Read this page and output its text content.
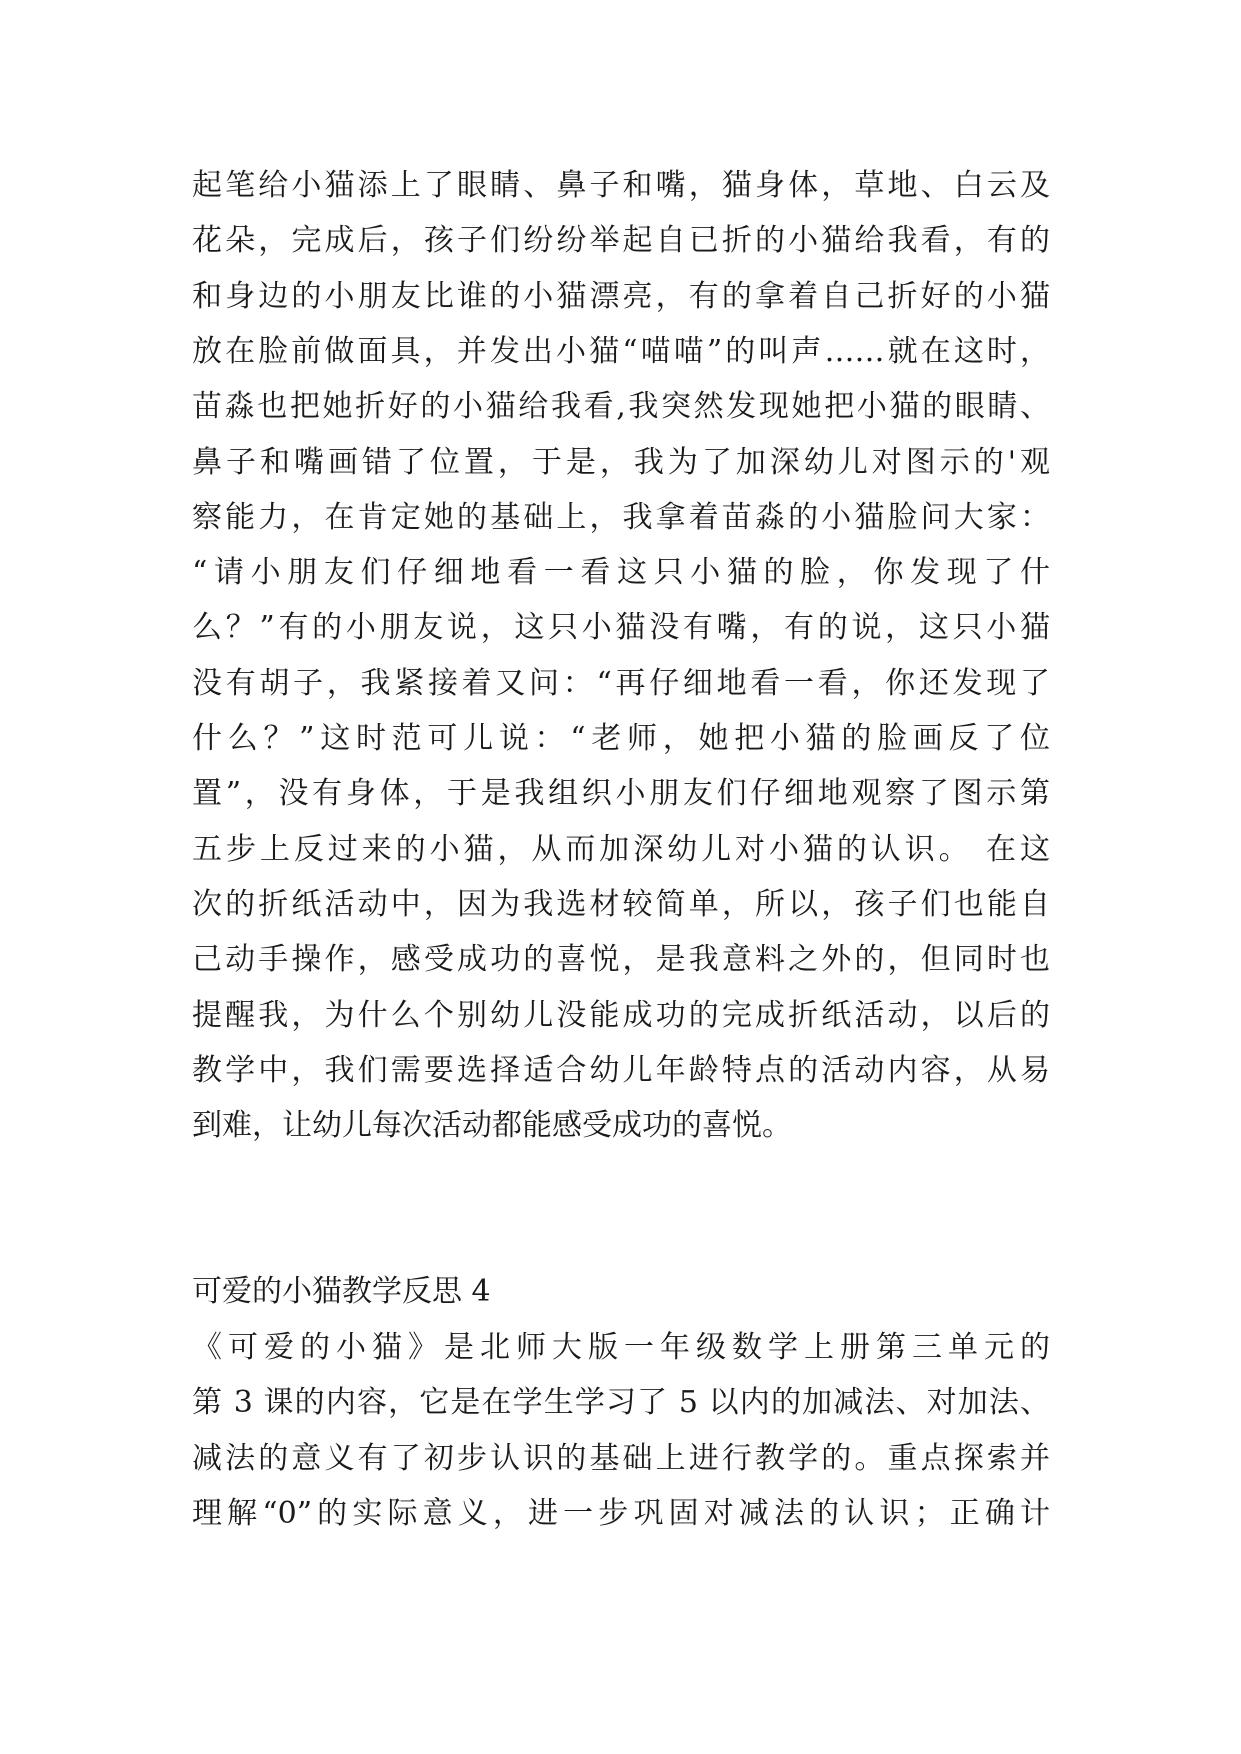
起笔给小猫添上了眼睛、鼻子和嘴，猫身体，草地、白云及
花朵，完成后，孩子们纷纷举起自已折的小猫给我看，有的
和身边的小朋友比谁的小猫漂亮，有的拿着自己折好的小猫
放在脸前做面具，并发出小猫“喵喵”的叫声……就在这时，
苗淼也把她折好的小猫给我看,我突然发现她把小猫的眼睛、
鼻子和嘴画错了位置，于是，我为了加深幼儿对图示的'观
察能力，在肯定她的基础上，我拿着苗淼的小猫脸问大家：
“请小朋友们仔细地看一看这只小猫的脸，你发现了什
么？”有的小朋友说，这只小猫没有嘴，有的说，这只小猫
没有胡子，我紧接着又问：“再仔细地看一看，你还发现了
什么？”这时范可儿说：“老师，她把小猫的脸画反了位
置”，没有身体，于是我组织小朋友们仔细地观察了图示第
五步上反过来的小猫，从而加深幼儿对小猫的认识。 在这
次的折纸活动中，因为我选材较简单，所以，孩子们也能自
己动手操作，感受成功的喜悦，是我意料之外的，但同时也
提醒我，为什么个别幼儿没能成功的完成折纸活动，以后的
教学中，我们需要选择适合幼儿年龄特点的活动内容，从易
到难，让幼儿每次活动都能感受成功的喜悦。
可爱的小猫教学反思 4
《可爱的小猫》是北师大版一年级数学上册第三单元的
第 3 课的内容，它是在学生学习了 5 以内的加减法、对加法、
减法的意义有了初步认识的基础上进行教学的。重点探索并
理解“0”的实际意义，进一步巩固对减法的认识；正确计
